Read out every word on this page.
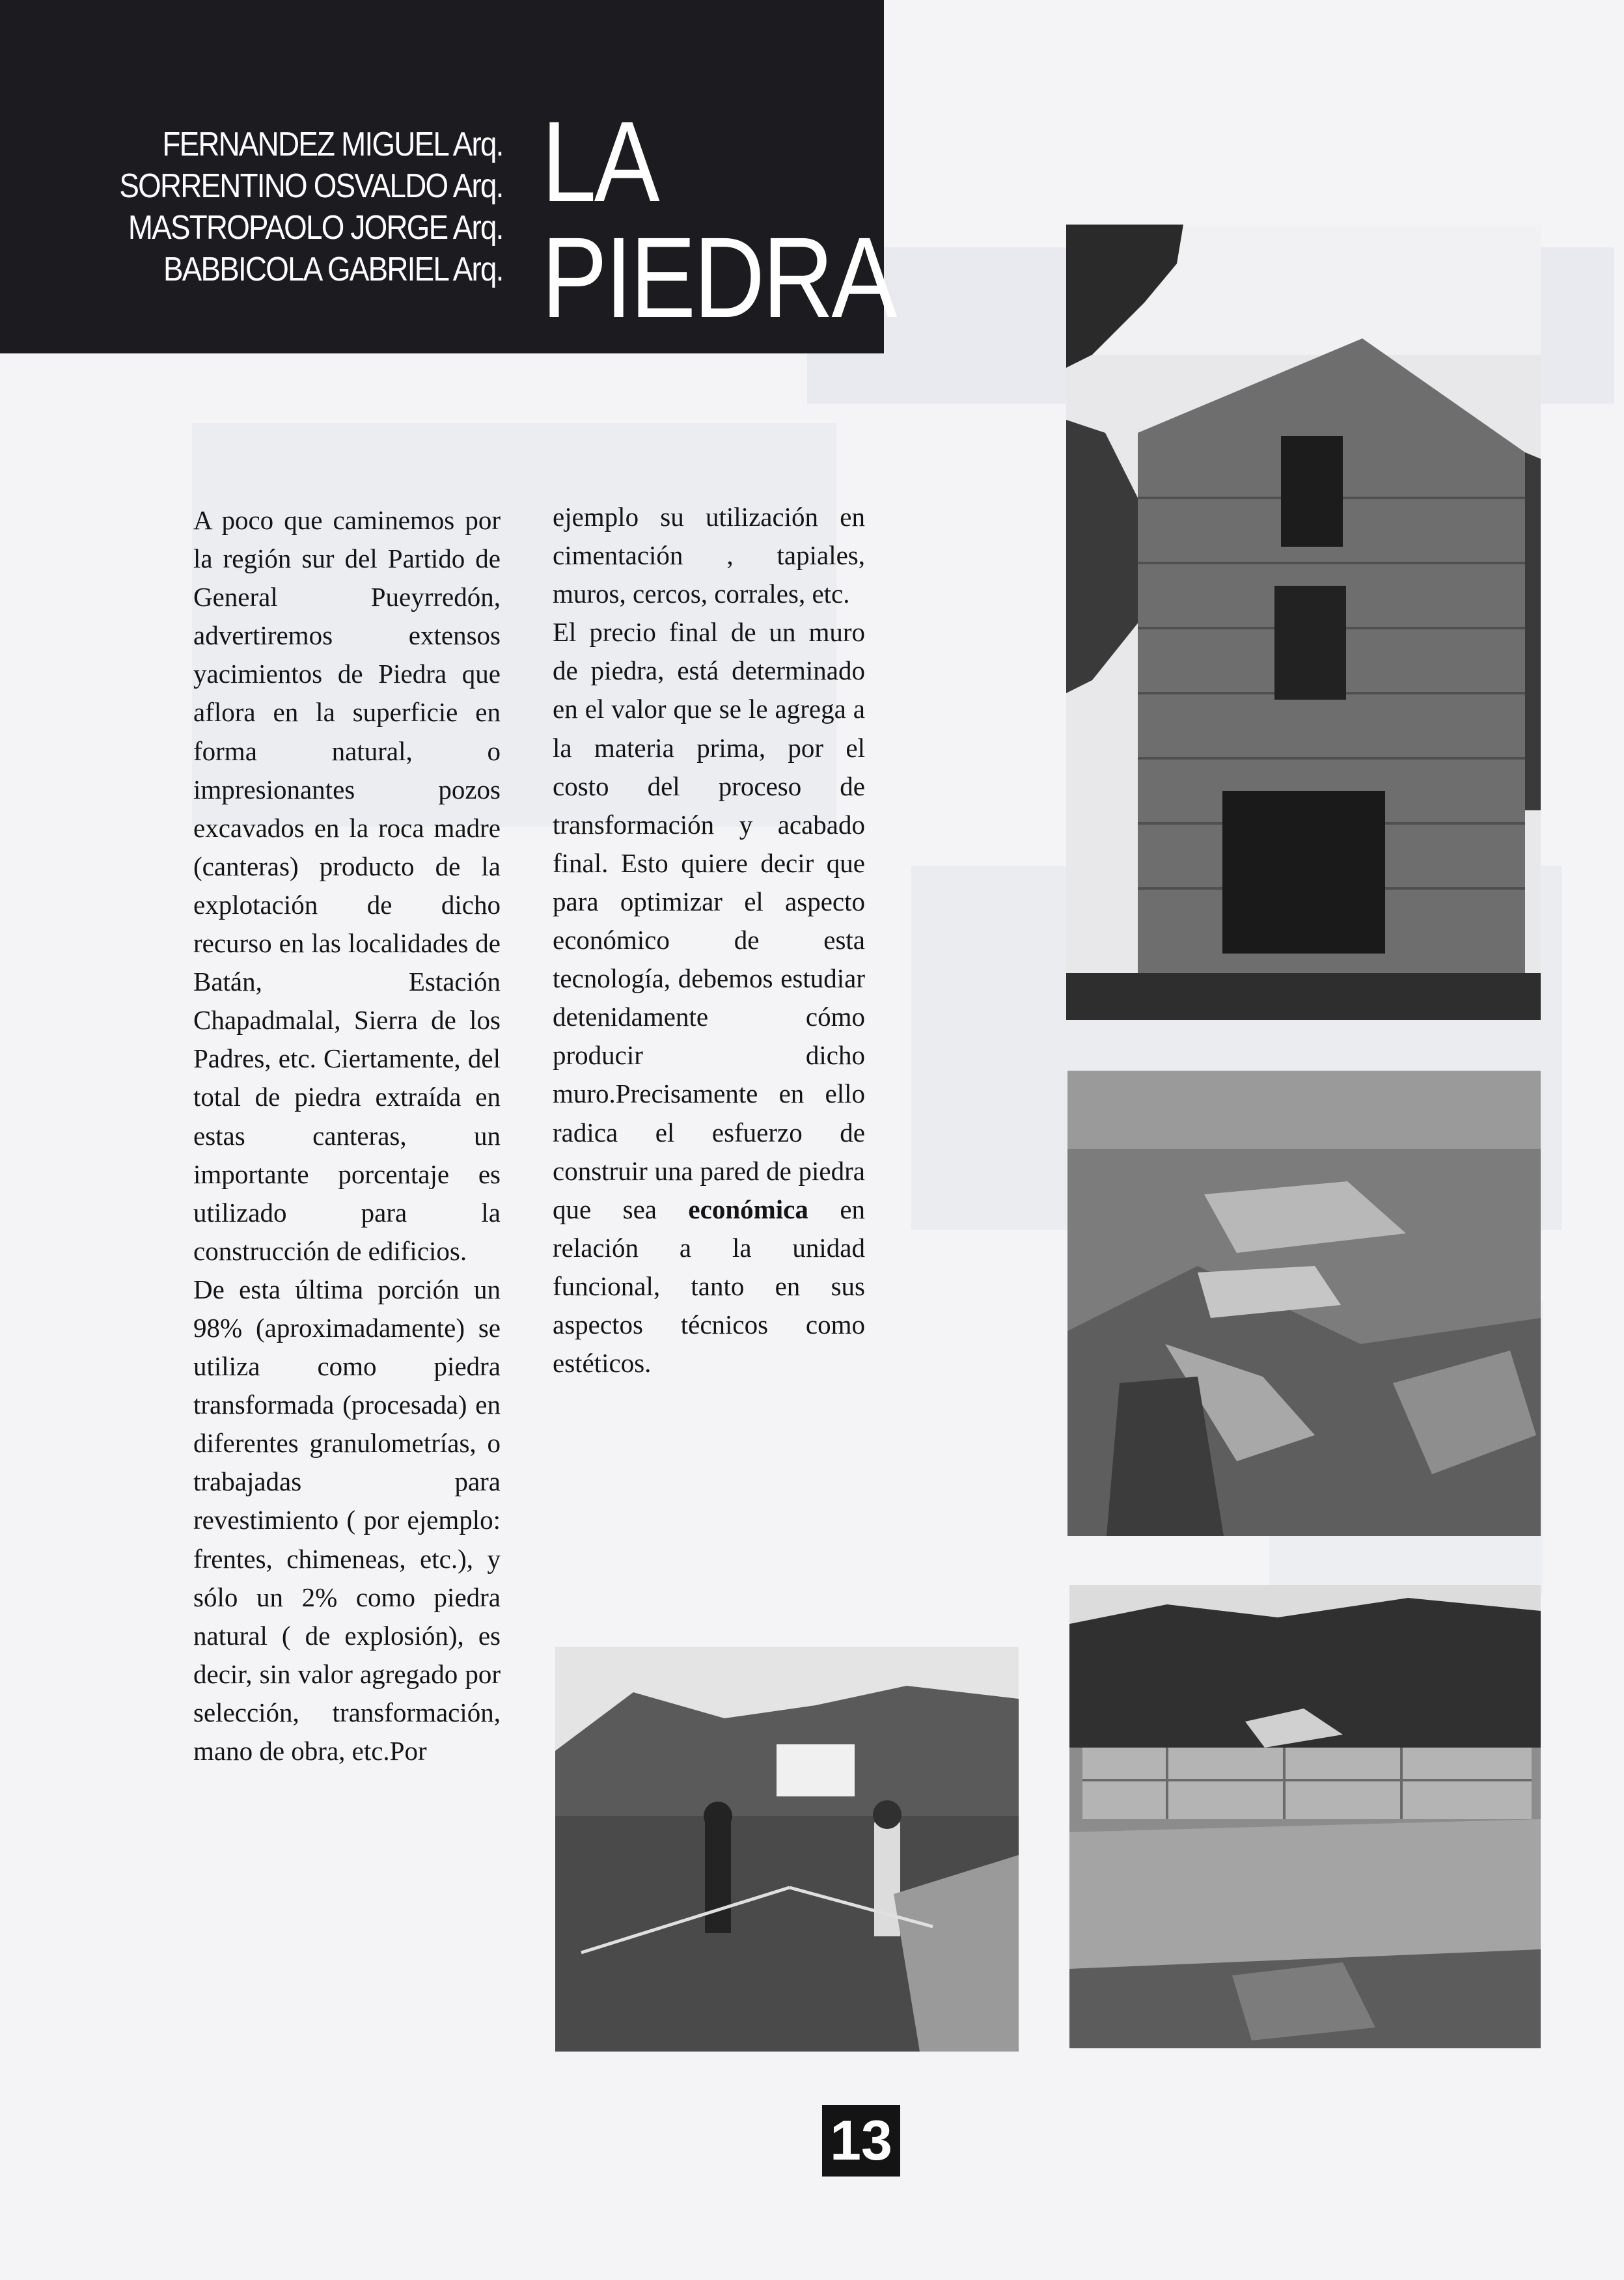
FERNANDEZ MIGUEL Arq.
SORRENTINO OSVALDO Arq.
MASTROPAOLO JORGE Arq.
BABBICOLA GABRIEL Arq.
LA
PIEDRA

A poco que caminemos por la región sur del Partido de General Pueyrredón, advertiremos extensos yacimientos de Piedra que aflora en la superficie en forma natural, o impresionantes pozos excavados en la roca madre (canteras) producto de la explotación de dicho recurso en las localidades de Batán, Estación Chapadmalal, Sierra de los Padres, etc. Ciertamente, del total de piedra extraída en estas canteras, un importante porcentaje es utilizado para la construcción de edificios.

De esta última porción un 98% (aproximadamente) se utiliza como piedra transformada (procesada) en diferentes granulometrías, o trabajadas para revestimiento ( por ejemplo: frentes, chimeneas, etc.), y sólo un 2% como piedra natural ( de explosión), es decir, sin valor agregado por selección, transformación, mano de obra, etc.Por

ejemplo su utilización en cimentación , tapiales, muros, cercos, corrales, etc.

El precio final de un muro de piedra, está determinado en el valor que se le agrega a la materia prima, por el costo del proceso de transformación y acabado final. Esto quiere decir que para optimizar el aspecto económico de esta tecnología, debemos estudiar detenidamente cómo producir dicho muro.Precisamente en ello radica el esfuerzo de construir una pared de piedra que sea económica en relación a la unidad funcional, tanto en sus aspectos técnicos como estéticos.

13
